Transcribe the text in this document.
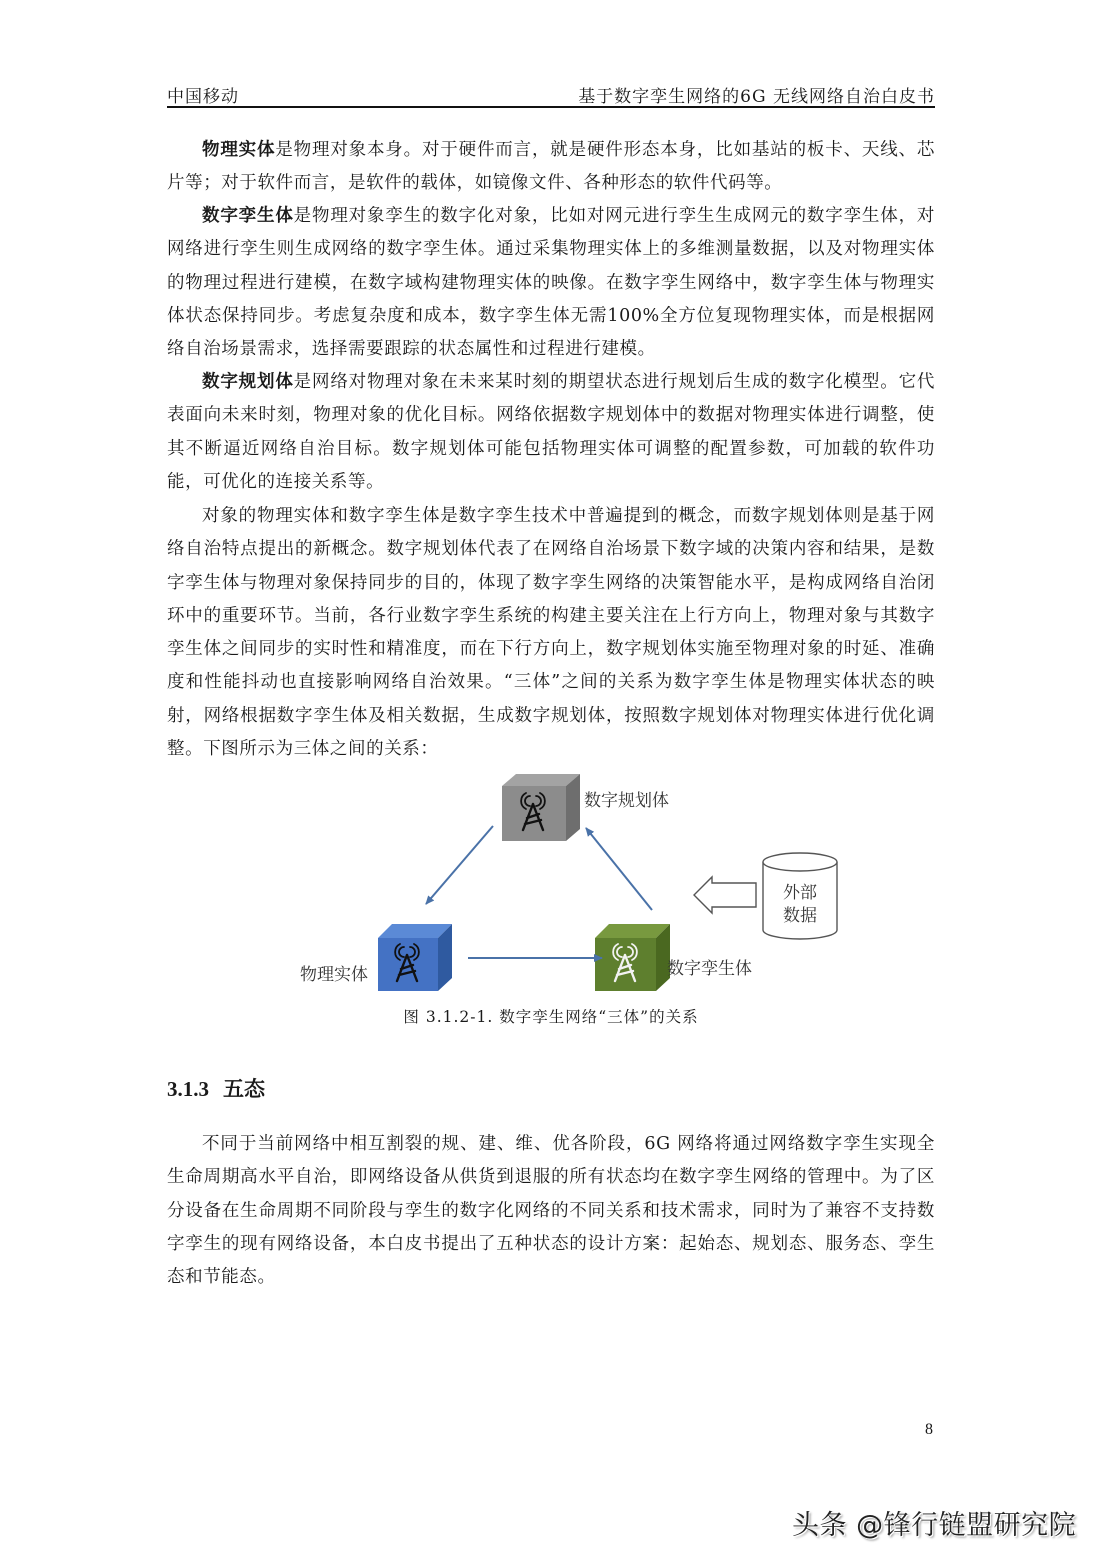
中国移动	基于数字孪生网络的6G 无线网络自治白皮书

物理实体是物理对象本身。对于硬件而言，就是硬件形态本身，比如基站的板卡、天线、芯片等；对于软件而言，是软件的载体，如镜像文件、各种形态的软件代码等。

数字孪生体是物理对象孪生的数字化对象，比如对网元进行孪生生成网元的数字孪生体，对网络进行孪生则生成网络的数字孪生体。通过采集物理实体上的多维测量数据，以及对物理实体的物理过程进行建模，在数字域构建物理实体的映像。在数字孪生网络中，数字孪生体与物理实体状态保持同步。考虑复杂度和成本，数字孪生体无需100%全方位复现物理实体，而是根据网络自治场景需求，选择需要跟踪的状态属性和过程进行建模。

数字规划体是网络对物理对象在未来某时刻的期望状态进行规划后生成的数字化模型。它代表面向未来时刻，物理对象的优化目标。网络依据数字规划体中的数据对物理实体进行调整，使其不断逼近网络自治目标。数字规划体可能包括物理实体可调整的配置参数，可加载的软件功能，可优化的连接关系等。

对象的物理实体和数字孪生体是数字孪生技术中普遍提到的概念，而数字规划体则是基于网络自治特点提出的新概念。数字规划体代表了在网络自治场景下数字域的决策内容和结果，是数字孪生体与物理对象保持同步的目的，体现了数字孪生网络的决策智能水平，是构成网络自治闭环中的重要环节。当前，各行业数字孪生系统的构建主要关注在上行方向上，物理对象与其数字孪生体之间同步的实时性和精准度，而在下行方向上，数字规划体实施至物理对象的时延、准确度和性能抖动也直接影响网络自治效果。“三体”之间的关系为数字孪生体是物理实体状态的映射，网络根据数字孪生体及相关数据，生成数字规划体，按照数字规划体对物理实体进行优化调整。下图所示为三体之间的关系：

数字规划体
物理实体	数字孪生体
外部
数据
图 3.1.2-1. 数字孪生网络“三体”的关系
3.1.3 五态

不同于当前网络中相互割裂的规、建、维、优各阶段，6G 网络将通过网络数字孪生实现全生命周期高水平自治，即网络设备从供货到退服的所有状态均在数字孪生网络的管理中。为了区分设备在生命周期不同阶段与孪生的数字化网络的不同关系和技术需求，同时为了兼容不支持数字孪生的现有网络设备，本白皮书提出了五种状态的设计方案：起始态、规划态、服务态、孪生态和节能态。

8
头条 @锋行链盟研究院
